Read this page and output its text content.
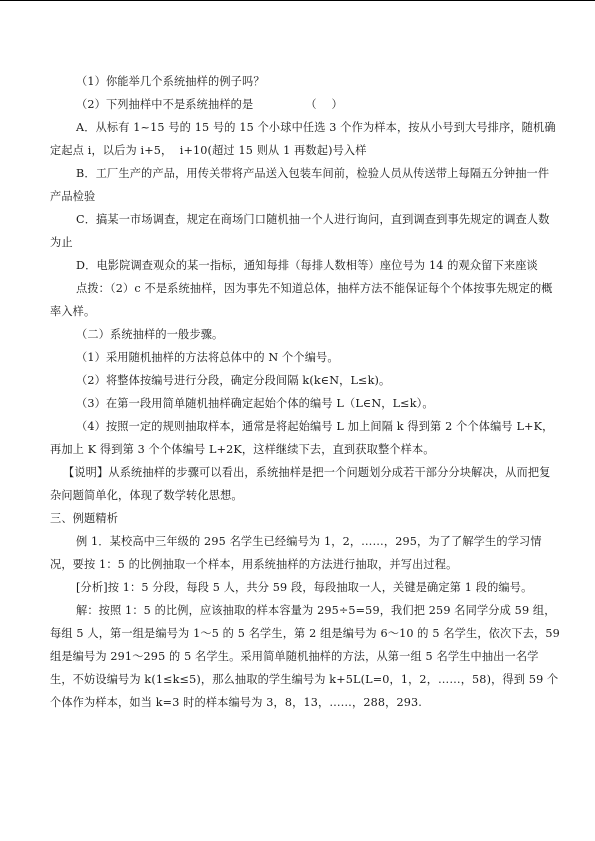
（1）你能举几个系统抽样的例子吗？

（2）下列抽样中不是系统抽样的是	（    ）

A．从标有 1~15 号的 15 号的 15 个小球中任选 3 个作为样本，按从小号到大号排序，随机确定起点 i，以后为 i+5，  i+10(超过 15 则从 1 再数起)号入样

B．工厂生产的产品，用传关带将产品送入包装车间前，检验人员从传送带上每隔五分钟抽一件产品检验

C．搞某一市场调查，规定在商场门口随机抽一个人进行询问，直到调查到事先规定的调查人数为止

D．电影院调查观众的某一指标，通知每排（每排人数相等）座位号为 14 的观众留下来座谈

点拨：（2）c 不是系统抽样，因为事先不知道总体，抽样方法不能保证每个个体按事先规定的概率入样。

（二）系统抽样的一般步骤。

（1）采用随机抽样的方法将总体中的 N 个个编号。

（2）将整体按编号进行分段，确定分段间隔 k(k∈N，L≤k)。

（3）在第一段用简单随机抽样确定起始个体的编号 L（L∈N，L≤k）。

（4）按照一定的规则抽取样本，通常是将起始编号 L 加上间隔 k 得到第 2 个个体编号 L+K，再加上 K 得到第 3 个个体编号 L+2K，这样继续下去，直到获取整个样本。

【说明】从系统抽样的步骤可以看出，系统抽样是把一个问题划分成若干部分分块解决，从而把复杂问题简单化，体现了数学转化思想。

三、例题精析

例 1．某校高中三年级的 295 名学生已经编号为 1，2，……，295，为了了解学生的学习情况，要按 1：5 的比例抽取一个样本，用系统抽样的方法进行抽取，并写出过程。

[分析]按 1：5 分段，每段 5 人，共分 59 段，每段抽取一人，关键是确定第 1 段的编号。

解：按照 1：5 的比例，应该抽取的样本容量为 295÷5=59，我们把 259 名同学分成 59 组，每组 5 人，第一组是编号为 1～5 的 5 名学生，第 2 组是编号为 6～10 的 5 名学生，依次下去，59 组是编号为 291～295 的 5 名学生。采用简单随机抽样的方法，从第一组 5 名学生中抽出一名学生，不妨设编号为 k(1≤k≤5)，那么抽取的学生编号为 k+5L(L=0，1，2，……，58)，得到 59 个个体作为样本，如当 k=3 时的样本编号为 3，8，13，……，288，293.
